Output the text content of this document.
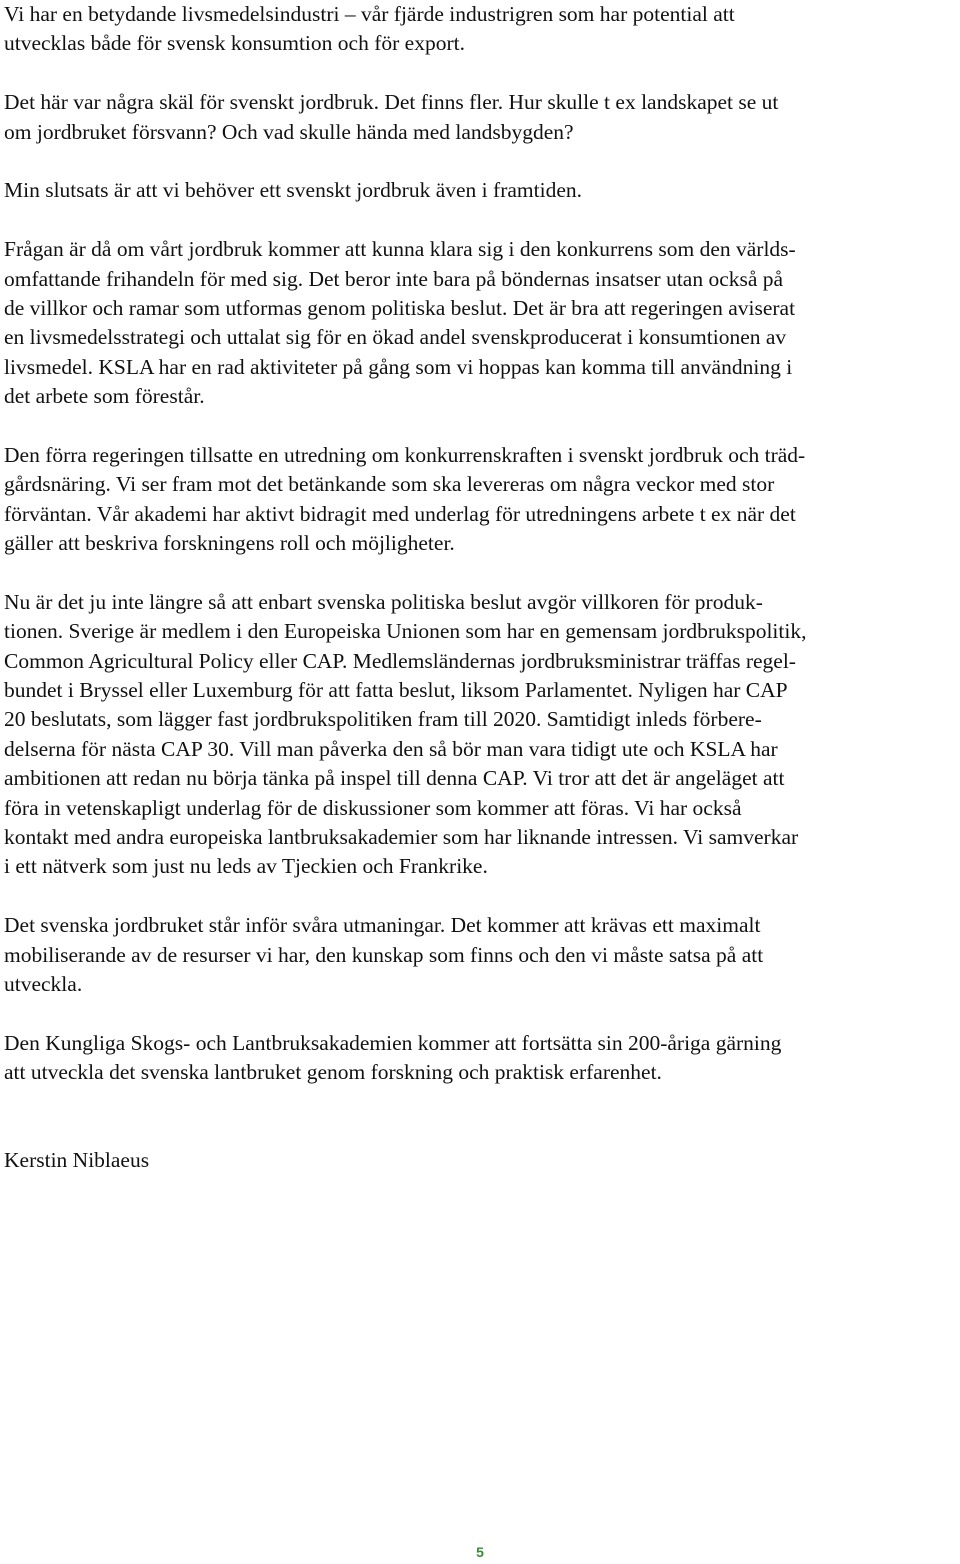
Vi har en betydande livsmedelsindustri – vår fjärde industrigren som har potential att
utvecklas både för svensk konsumtion och för export.
Det här var några skäl för svenskt jordbruk. Det finns fler. Hur skulle t ex landskapet se ut
om jordbruket försvann? Och vad skulle hända med landsbygden?
Min slutsats är att vi behöver ett svenskt jordbruk även i framtiden.
Frågan är då om vårt jordbruk kommer att kunna klara sig i den konkurrens som den världs-
omfattande frihandeln för med sig. Det beror inte bara på böndernas insatser utan också på
de villkor och ramar som utformas genom politiska beslut. Det är bra att regeringen aviserat
en livsmedelsstrategi och uttalat sig för en ökad andel svenskproducerat i konsumtionen av
livsmedel. KSLA har en rad aktiviteter på gång som vi hoppas kan komma till användning i
det arbete som förestår.
Den förra regeringen tillsatte en utredning om konkurrenskraften i svenskt jordbruk och träd-
gårdsnäring. Vi ser fram mot det betänkande som ska levereras om några veckor med stor
förväntan. Vår akademi har aktivt bidragit med underlag för utredningens arbete t ex när det
gäller att beskriva forskningens roll och möjligheter.
Nu är det ju inte längre så att enbart svenska politiska beslut avgör villkoren för produk-
tionen. Sverige är medlem i den Europeiska Unionen som har en gemensam jordbrukspolitik,
Common Agricultural Policy eller CAP. Medlemsländernas jordbruksministrar träffas regel-
bundet i Bryssel eller Luxemburg för att fatta beslut, liksom Parlamentet. Nyligen har CAP
20 beslutats, som lägger fast jordbrukspolitiken fram till 2020. Samtidigt inleds förbere-
delserna för nästa CAP 30. Vill man påverka den så bör man vara tidigt ute och KSLA har
ambitionen att redan nu börja tänka på inspel till denna CAP. Vi tror att det är angeläget att
föra in vetenskapligt underlag för de diskussioner som kommer att föras. Vi har också
kontakt med andra europeiska lantbruksakademier som har liknande intressen. Vi samverkar
i ett nätverk som just nu leds av Tjeckien och Frankrike.
Det svenska jordbruket står inför svåra utmaningar. Det kommer att krävas ett maximalt
mobiliserande av de resurser vi har, den kunskap som finns och den vi måste satsa på att
utveckla.
Den Kungliga Skogs- och Lantbruksakademien kommer att fortsätta sin 200-åriga gärning
att utveckla det svenska lantbruket genom forskning och praktisk erfarenhet.
Kerstin Niblaeus
5
